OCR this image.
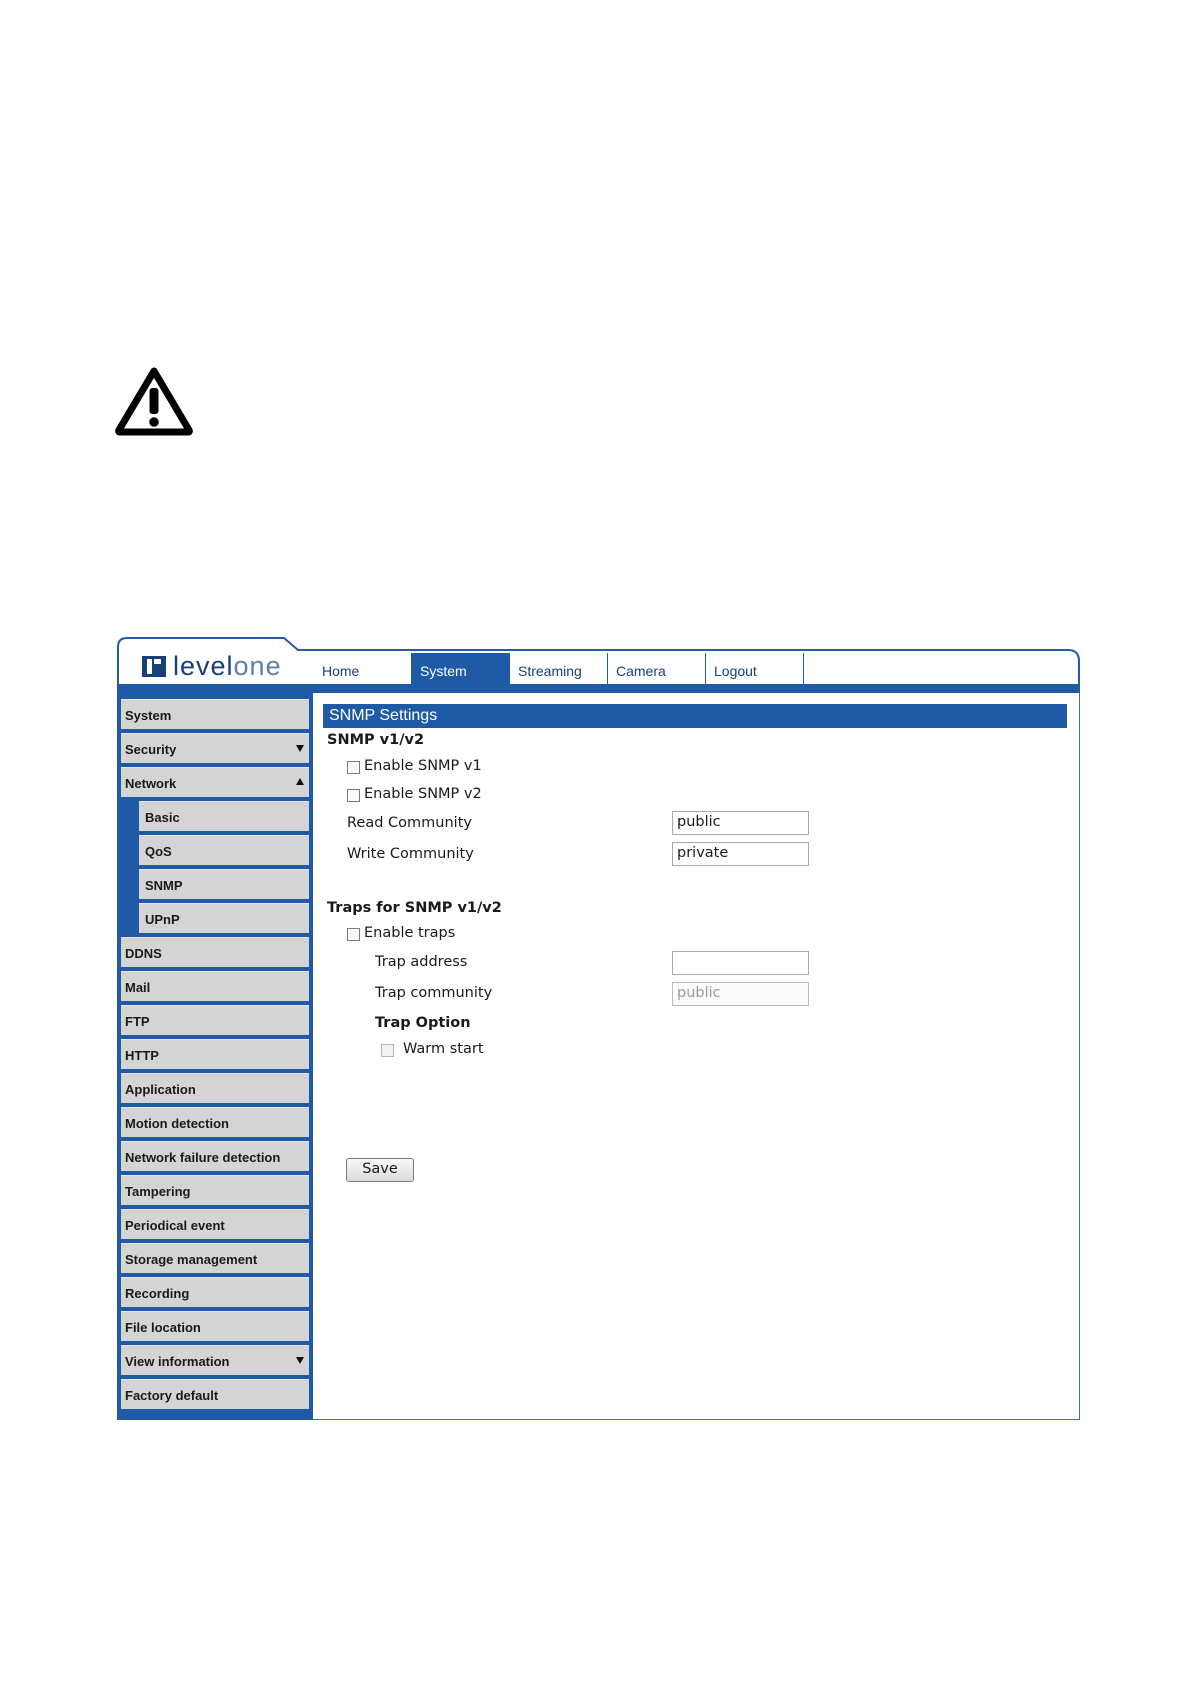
levelone	Home	System	Streaming	Camera	Logout
System
Security
Network
Basic
QoS
SNMP
UPnP
DDNS
Mail
FTP
HTTP
Application
Motion detection
Network failure detection
Tampering
Periodical event
Storage management
Recording
File location
View information
Factory default
SNMP Settings
SNMP v1/v2
Enable SNMP v1
Enable SNMP v2
Read Community	public
Write Community	private
Traps for SNMP v1/v2
Enable traps
Trap address
Trap community	public
Trap Option
Warm start
Save
